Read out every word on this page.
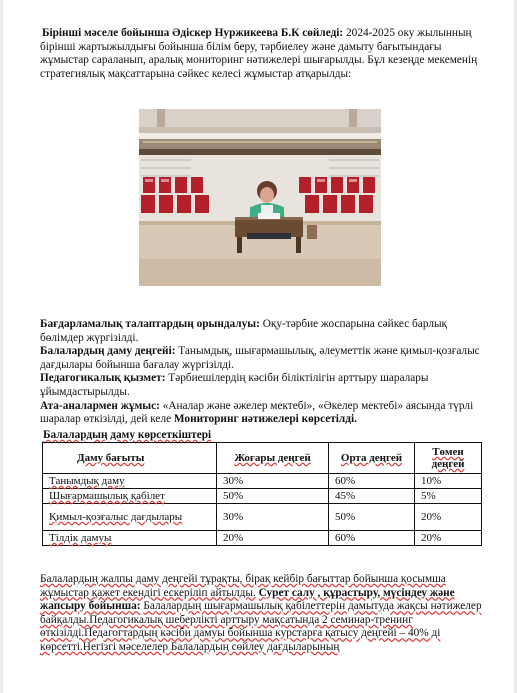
Бірінші мәселе бойынша Әдіскер Нуржикеева Б.К сөйледі: 2024-2025 оку жылынның бірінші жартыжылдығы бойынша білім беру, тәрбиелеу және дамыту бағытындағы жұмыстар сараланып, аралық мониторинг нәтижелері шығарылды. Бұл кезеңде мекеменің стратегиялық мақсаттарына сәйкес келесі жұмыстар атқарылды:

Бағдарламалық талаптардың орындалуы: Оқу-тәрбие жоспарына сәйкес барлық бөлімдер жүргізілді.
Балалардың даму деңгейі: Танымдық, шығармашылық, әлеуметтік және қимыл-қозғалыс дағдылары бойынша бағалау жүргізілді.
Педагогикалық қызмет: Тәрбиешілердің кәсіби біліктілігін арттыру шаралары ұйымдастырылды.
Ата-аналармен жұмыс: «Аналар және әжелер мектебі», «Әкелер мектебі» аясында түрлі шаралар өткізілді, дей келе Мониторинг нәтижелері көрсетілді.
Балалардың даму көрсеткіштері
Даму бағыты	Жоғары деңгей	Орта деңгей	Төмен деңгей
Танымдық даму	30%	60%	10%
Шығармашылық қабілет	50%	45%	5%
Қимыл-қозғалыс дағдылары	30%	50%	20%
Тілдік дамуы	20%	60%	20%

Балалардың жалпы даму деңгейі тұрақты, бірақ кейбір бағыттар бойынша қосымша жұмыстар қажет екендігі ескеріліп айтылды. Сурет салу , құрастыру, мүсіндеу және жапсыру бойынша: Балалардың шығармашылық қабілеттерін дамытуда жақсы нәтижелер байқалды.Педагогикалық шеберлікті арттыру мақсатында 2 семинар-тренинг өткізілді.Педагогтардың кәсіби дамуы бойынша курстарға қатысу деңгейі – 40% ді көрсетті.Негізгі мәселелер Балалардың сөйлеу дағдыларының
